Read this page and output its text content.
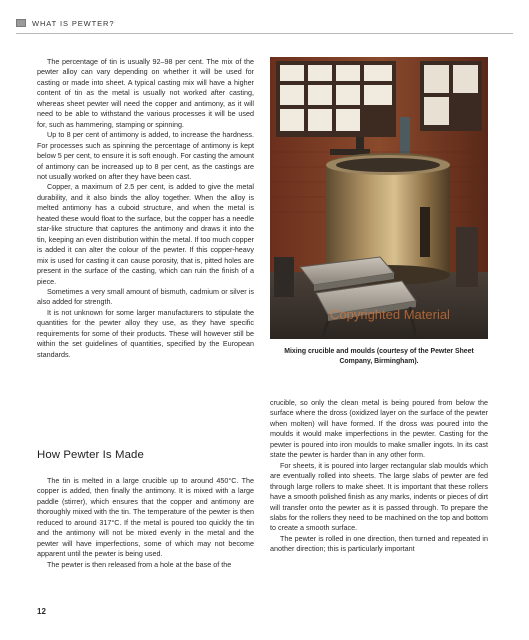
WHAT IS PEWTER?

The percentage of tin is usually 92–98 per cent. The mix of the pewter alloy can vary depending on whether it will be used for casting or made into sheet. A typical casting mix will have a higher content of tin as the metal is usually not worked after casting, whereas sheet pewter will need the copper and antimony, as it will need to be able to withstand the various processes it will be used for, such as hammering, stamping or spinning.

Up to 8 per cent of antimony is added, to increase the hardness. For processes such as spinning the percentage of antimony is kept below 5 per cent, to ensure it is soft enough. For casting the amount of antimony can be increased up to 8 per cent, as the castings are not usually worked on after they have been cast.

Copper, a maximum of 2.5 per cent, is added to give the metal durability, and it also binds the alloy together. When the alloy is melted antimony has a cuboid structure, and when the metal is heated these would float to the surface, but the copper has a needle star-like structure that captures the antimony and draws it into the tin, keeping an even distribution within the metal. If too much copper is added it can alter the colour of the pewter. If this copper-heavy mix is used for casting it can cause porosity, that is, pitted holes are present in the surface of the casting, which can ruin the finish of a piece.

Sometimes a very small amount of bismuth, cadmium or silver is also added for strength.

It is not unknown for some larger manufacturers to stipulate the quantities for the pewter alloy they use, as they have specific requirements for some of their products. These will however still be within the set guidelines of quantities, specified by the European standards.

How Pewter Is Made

The tin is melted in a large crucible up to around 450°C. The copper is added, then finally the antimony. It is mixed with a large paddle (stirrer), which ensures that the copper and antimony are thoroughly mixed with the tin. The temperature of the pewter is then reduced to around 317°C. If the metal is poured too quickly the tin and the antimony will not be mixed evenly in the metal and the pewter will have imperfections, some of which may not become apparent until the pewter is being used.

The pewter is then released from a hole at the base of the

Copyrighted Material
Mixing crucible and moulds (courtesy of the Pewter Sheet Company, Birmingham).

crucible, so only the clean metal is being poured from below the surface where the dross (oxidized layer on the surface of the pewter when molten) will have formed. If the dross was poured into the moulds it would make imperfections in the pewter. Casting for the pewter is poured into iron moulds to make smaller ingots. In its cast state the pewter is harder than in any other form.

For sheets, it is poured into larger rectangular slab moulds which are eventually rolled into sheets. The large slabs of pewter are fed through large rollers to make sheet. It is important that these rollers have a smooth polished finish as any marks, indents or pieces of dirt will transfer onto the pewter as it is passed through. To prepare the slabs for the rollers they need to be machined on the top and bottom to create a smooth surface.

The pewter is rolled in one direction, then turned and repeated in another direction; this is particularly important

12
